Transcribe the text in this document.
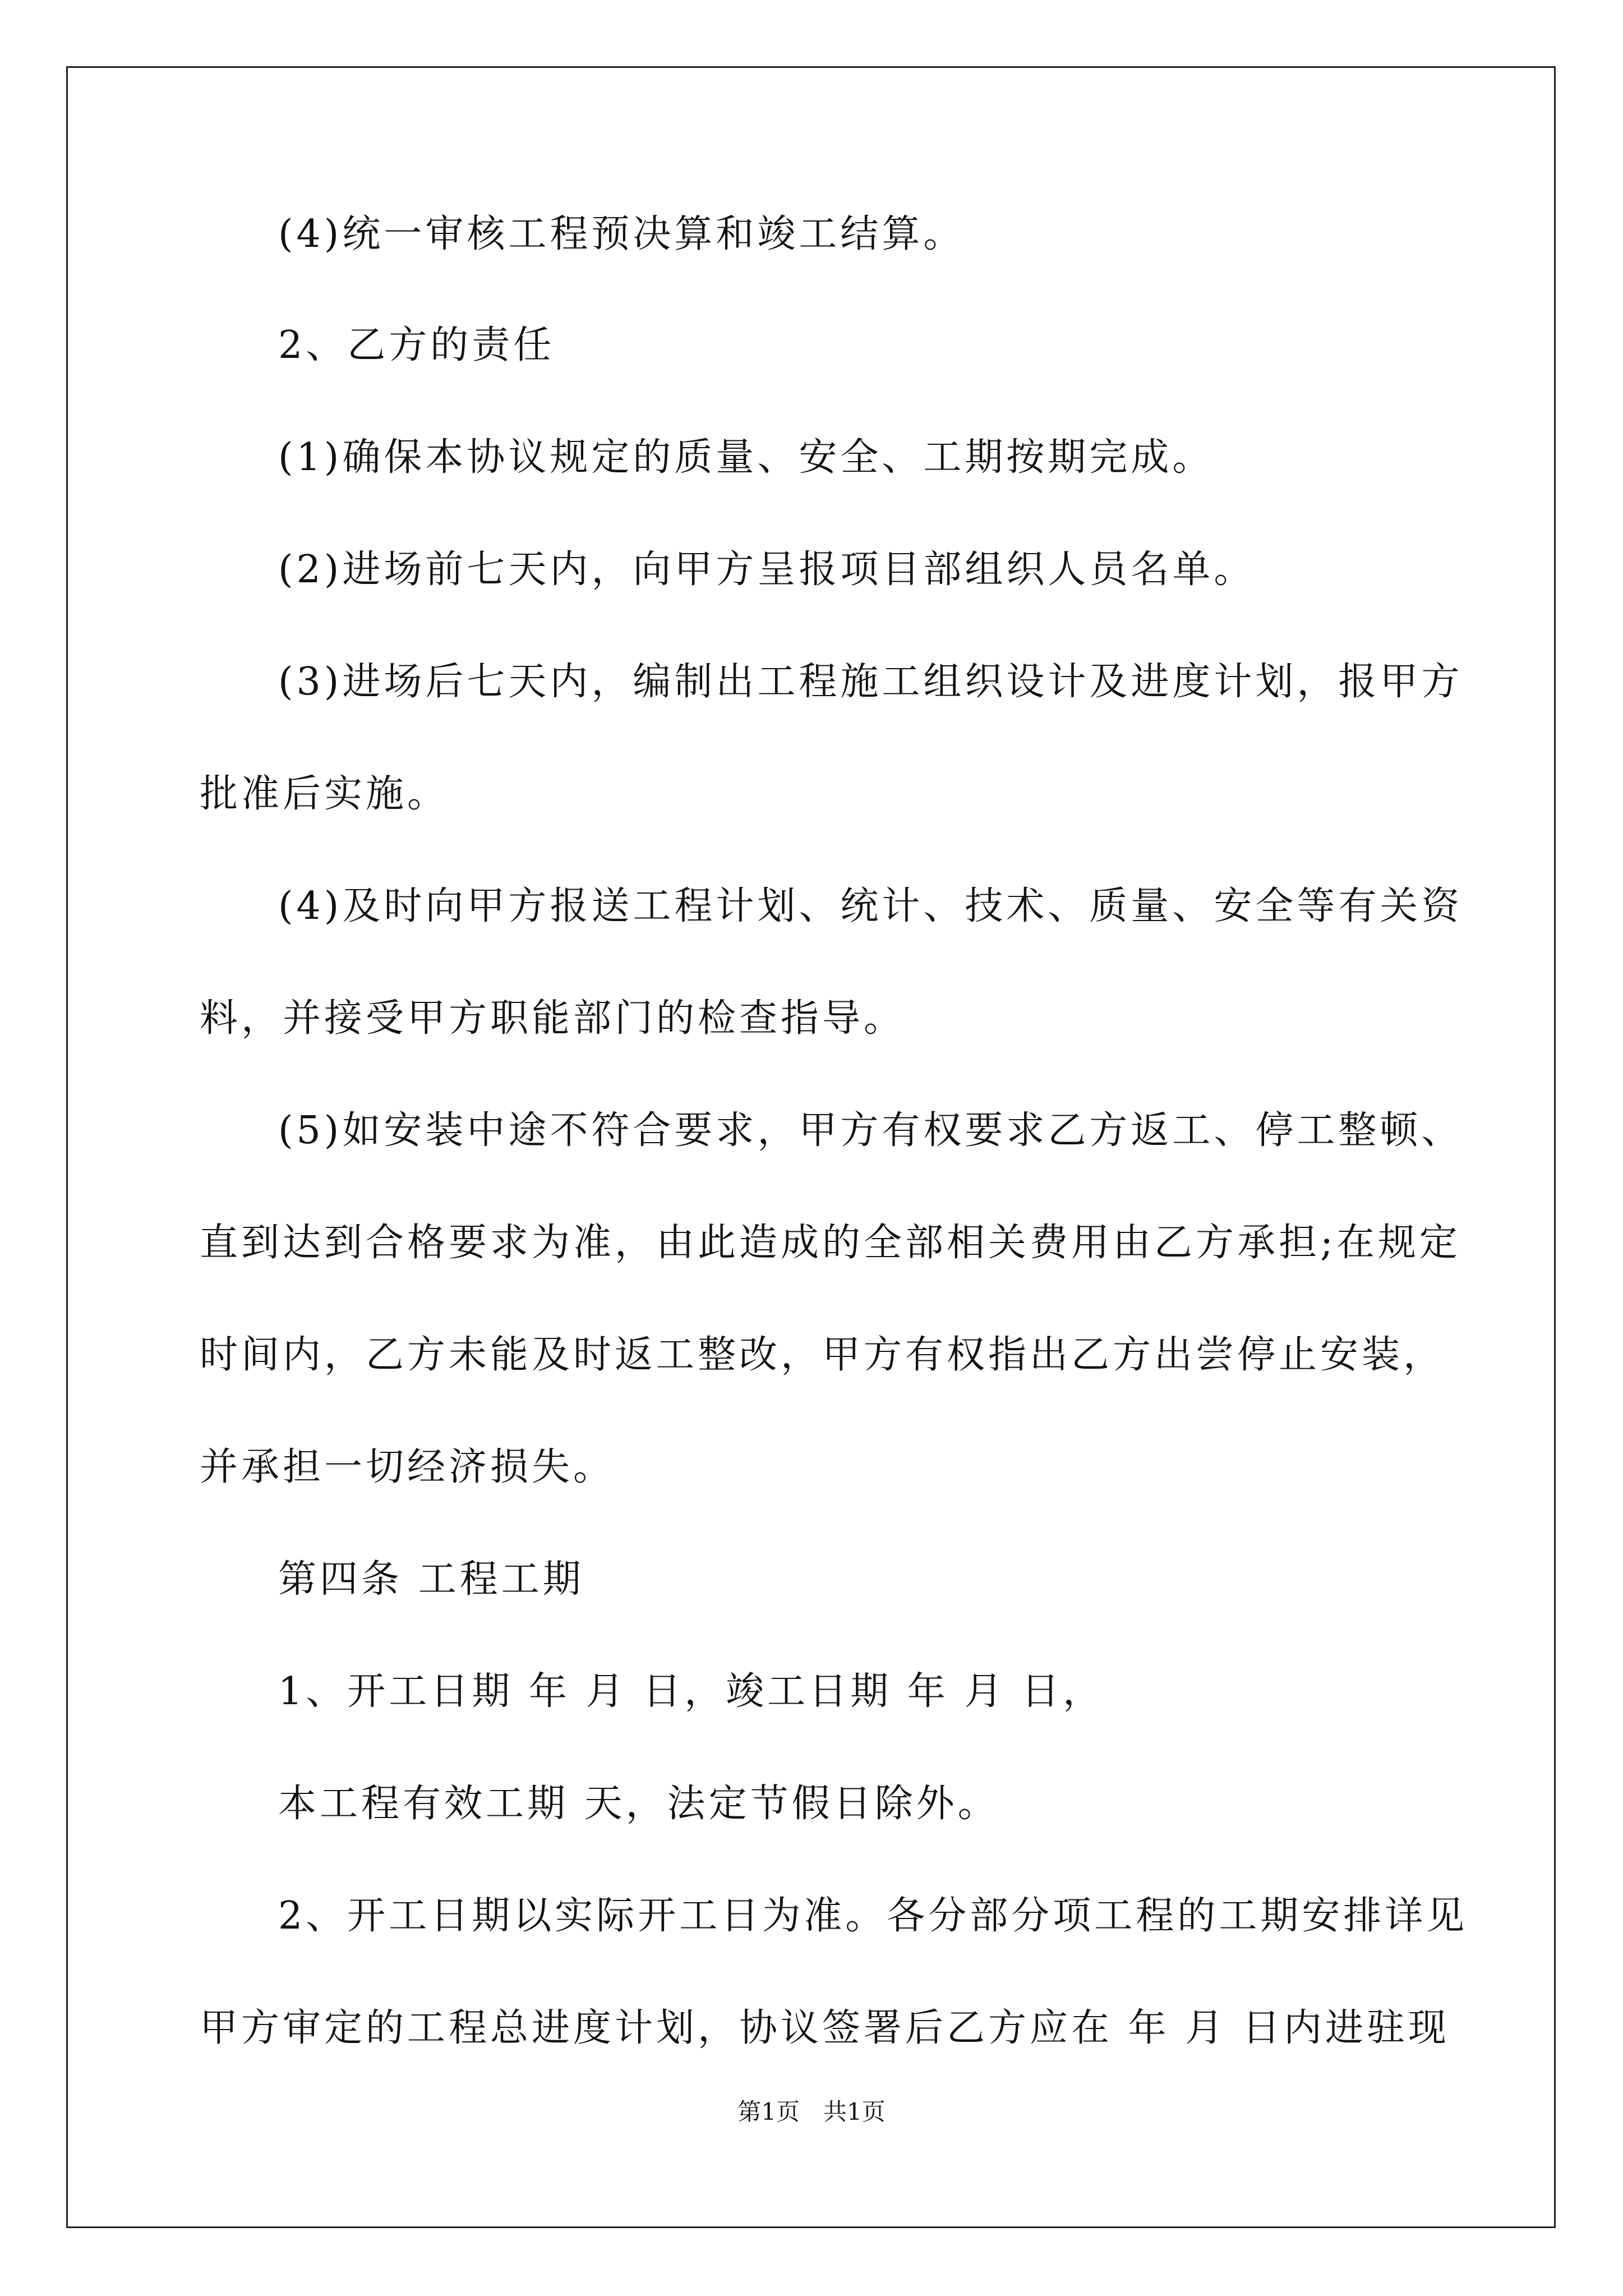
(4)统一审核工程预决算和竣工结算。
2、乙方的责任
(1)确保本协议规定的质量、安全、工期按期完成。
(2)进场前七天内，向甲方呈报项目部组织人员名单。
(3)进场后七天内，编制出工程施工组织设计及进度计划，报甲方
批准后实施。
(4)及时向甲方报送工程计划、统计、技术、质量、安全等有关资
料，并接受甲方职能部门的检查指导。
(5)如安装中途不符合要求，甲方有权要求乙方返工、停工整顿、
直到达到合格要求为准，由此造成的全部相关费用由乙方承担;在规定
时间内，乙方未能及时返工整改，甲方有权指出乙方出尝停止安装，
并承担一切经济损失。
第四条 工程工期
1、开工日期 年 月 日，竣工日期 年 月 日，
本工程有效工期 天，法定节假日除外。
2、开工日期以实际开工日为准。各分部分项工程的工期安排详见
甲方审定的工程总进度计划，协议签署后乙方应在 年 月 日内进驻现
第1页　共1页
